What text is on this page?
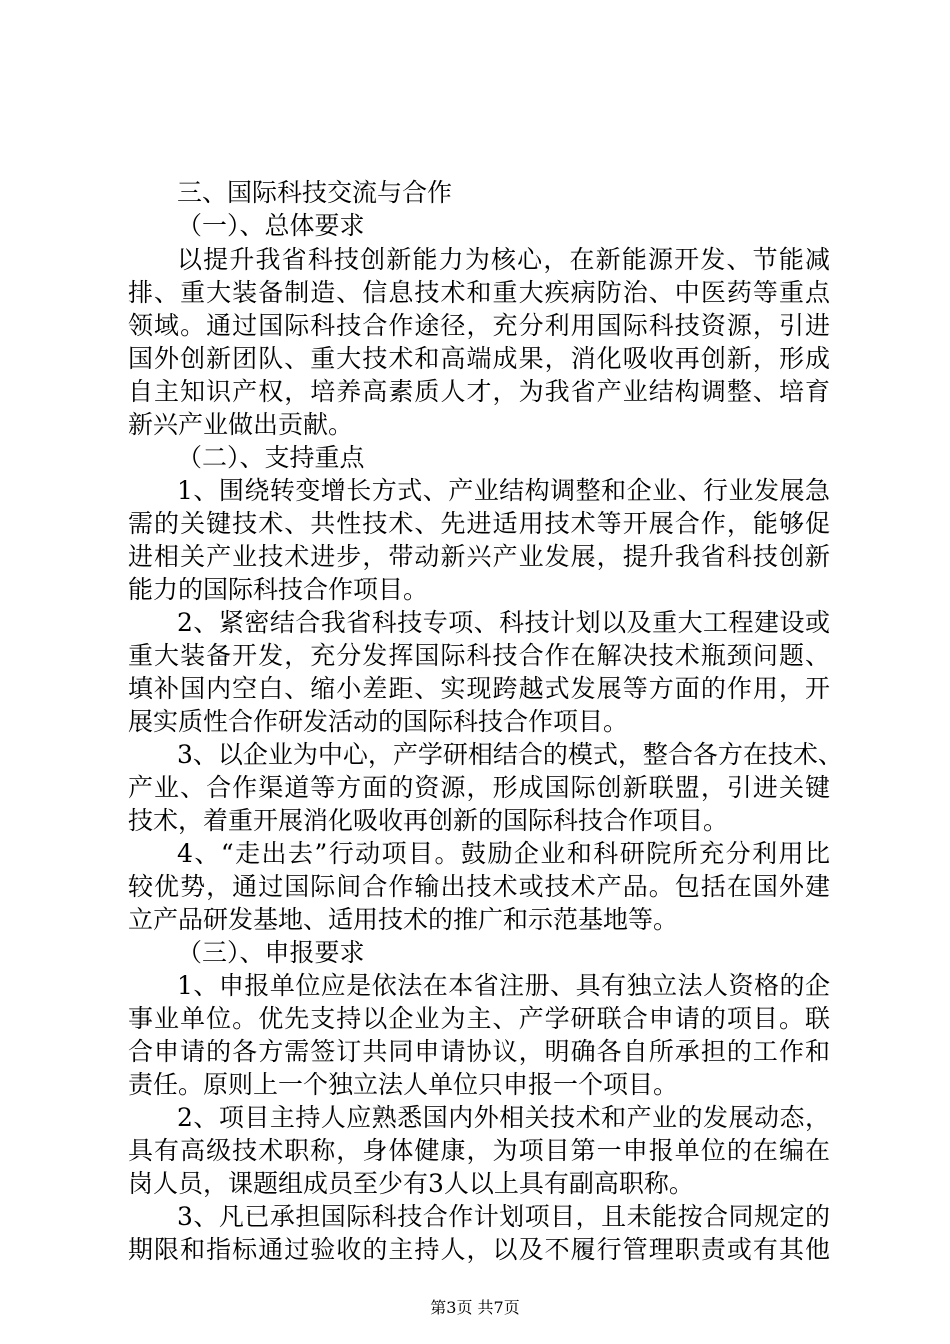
三、国际科技交流与合作
（一）、总体要求
以提升我省科技创新能力为核心，在新能源开发、节能减
排、重大装备制造、信息技术和重大疾病防治、中医药等重点
领域。通过国际科技合作途径，充分利用国际科技资源，引进
国外创新团队、重大技术和高端成果，消化吸收再创新，形成
自主知识产权，培养高素质人才，为我省产业结构调整、培育
新兴产业做出贡献。
（二）、支持重点
1、围绕转变增长方式、产业结构调整和企业、行业发展急
需的关键技术、共性技术、先进适用技术等开展合作，能够促
进相关产业技术进步，带动新兴产业发展，提升我省科技创新
能力的国际科技合作项目。
2、紧密结合我省科技专项、科技计划以及重大工程建设或
重大装备开发，充分发挥国际科技合作在解决技术瓶颈问题、
填补国内空白、缩小差距、实现跨越式发展等方面的作用，开
展实质性合作研发活动的国际科技合作项目。
3、以企业为中心，产学研相结合的模式，整合各方在技术、
产业、合作渠道等方面的资源，形成国际创新联盟，引进关键
技术，着重开展消化吸收再创新的国际科技合作项目。
4、“走出去”行动项目。鼓励企业和科研院所充分利用比
较优势，通过国际间合作输出技术或技术产品。包括在国外建
立产品研发基地、适用技术的推广和示范基地等。
（三）、申报要求
1、申报单位应是依法在本省注册、具有独立法人资格的企
事业单位。优先支持以企业为主、产学研联合申请的项目。联
合申请的各方需签订共同申请协议，明确各自所承担的工作和
责任。原则上一个独立法人单位只申报一个项目。
2、项目主持人应熟悉国内外相关技术和产业的发展动态，
具有高级技术职称，身体健康，为项目第一申报单位的在编在
岗人员，课题组成员至少有3人以上具有副高职称。
3、凡已承担国际科技合作计划项目，且未能按合同规定的
期限和指标通过验收的主持人，以及不履行管理职责或有其他
第3页 共7页
